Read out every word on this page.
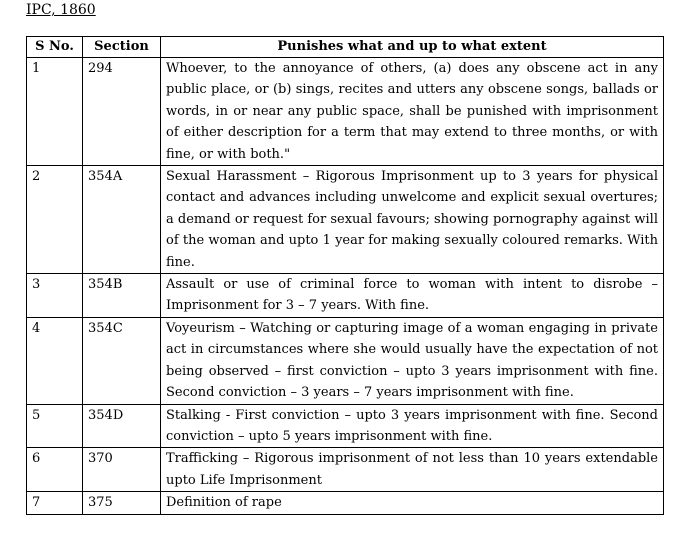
IPC, 1860
S No.	Section	Punishes what and up to what extent
1	294	Whoever, to the annoyance of others, (a) does any obscene act in any public place, or (b) sings, recites and utters any obscene songs, ballads or words, in or near any public space, shall be punished with imprisonment of either description for a term that may extend to three months, or with fine, or with both."
2	354A	Sexual Harassment – Rigorous Imprisonment up to 3 years for physical contact and advances including unwelcome and explicit sexual overtures; a demand or request for sexual favours; showing pornography against will of the woman and upto 1 year for making sexually coloured remarks. With fine.
3	354B	Assault or use of criminal force to woman with intent to disrobe – Imprisonment for 3 – 7 years. With fine.
4	354C	Voyeurism – Watching or capturing image of a woman engaging in private act in circumstances where she would usually have the expectation of not being observed – first conviction – upto 3 years imprisonment with fine. Second conviction – 3 years – 7 years imprisonment with fine.
5	354D	Stalking - First conviction – upto 3 years imprisonment with fine. Second conviction – upto 5 years imprisonment with fine.
6	370	Trafficking – Rigorous imprisonment of not less than 10 years extendable upto Life Imprisonment
7	375	Definition of rape
